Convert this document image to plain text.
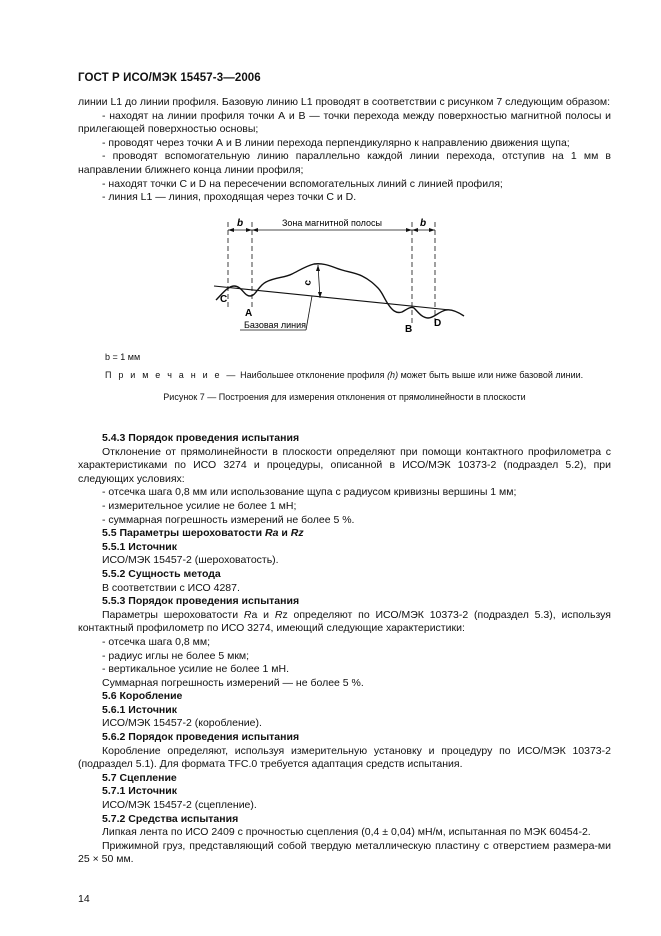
ГОСТ Р ИСО/МЭК 15457-3—2006

линии L1 до линии профиля. Базовую линию L1 проводят в соответствии с рисунком 7 следующим образом:

- находят на линии профиля точки А и В — точки перехода между поверхностью магнитной полосы и прилегающей поверхностью основы;

- проводят через точки А и В линии перехода перпендикулярно к направлению движения щупа;

- проводят вспомогательную линию параллельно каждой линии перехода, отступив на 1 мм в направлении ближнего конца линии профиля;

- находят точки С и D на пересечении вспомогательных линий с линией профиля;

- линия L1 — линия, проходящая через точки С и D.

b	Зона магнитной полосы	b
с
Базовая линия
C
A
B
D
b = 1 мм
П р и м е ч а н и е — Наибольшее отклонение профиля (h) может быть выше или ниже базовой линии.
Рисунок 7 — Построения для измерения отклонения от прямолинейности в плоскости

5.4.3 Порядок проведения испытания

Отклонение от прямолинейности в плоскости определяют при помощи контактного профилометра с характеристиками по ИСО 3274 и процедуры, описанной в ИСО/МЭК 10373-2 (подраздел 5.2), при следующих условиях:

- отсечка шага 0,8 мм или использование щупа с радиусом кривизны вершины 1 мм;

- измерительное усилие не более 1 мН;

- суммарная погрешность измерений не более 5 %.

5.5 Параметры шероховатости Ra и Rz

5.5.1 Источник

ИСО/МЭК 15457-2 (шероховатость).

5.5.2 Сущность метода

В соответствии с ИСО 4287.

5.5.3 Порядок проведения испытания

Параметры шероховатости Ra и Rz определяют по ИСО/МЭК 10373-2 (подраздел 5.3), используя контактный профилометр по ИСО 3274, имеющий следующие характеристики:

- отсечка шага 0,8 мм;

- радиус иглы не более 5 мкм;

- вертикальное усилие не более 1 мН.

Суммарная погрешность измерений — не более 5 %.

5.6 Коробление

5.6.1 Источник

ИСО/МЭК 15457-2 (коробление).

5.6.2 Порядок проведения испытания

Коробление определяют, используя измерительную установку и процедуру по ИСО/МЭК 10373-2 (подраздел 5.1). Для формата TFC.0 требуется адаптация средств испытания.

5.7 Сцепление

5.7.1 Источник

ИСО/МЭК 15457-2 (сцепление).

5.7.2 Средства испытания

Липкая лента по ИСО 2409 с прочностью сцепления (0,4 ± 0,04) мН/м, испытанная по МЭК 60454-2.

Прижимной груз, представляющий собой твердую металлическую пластину с отверстием размера-ми 25 × 50 мм.

14
